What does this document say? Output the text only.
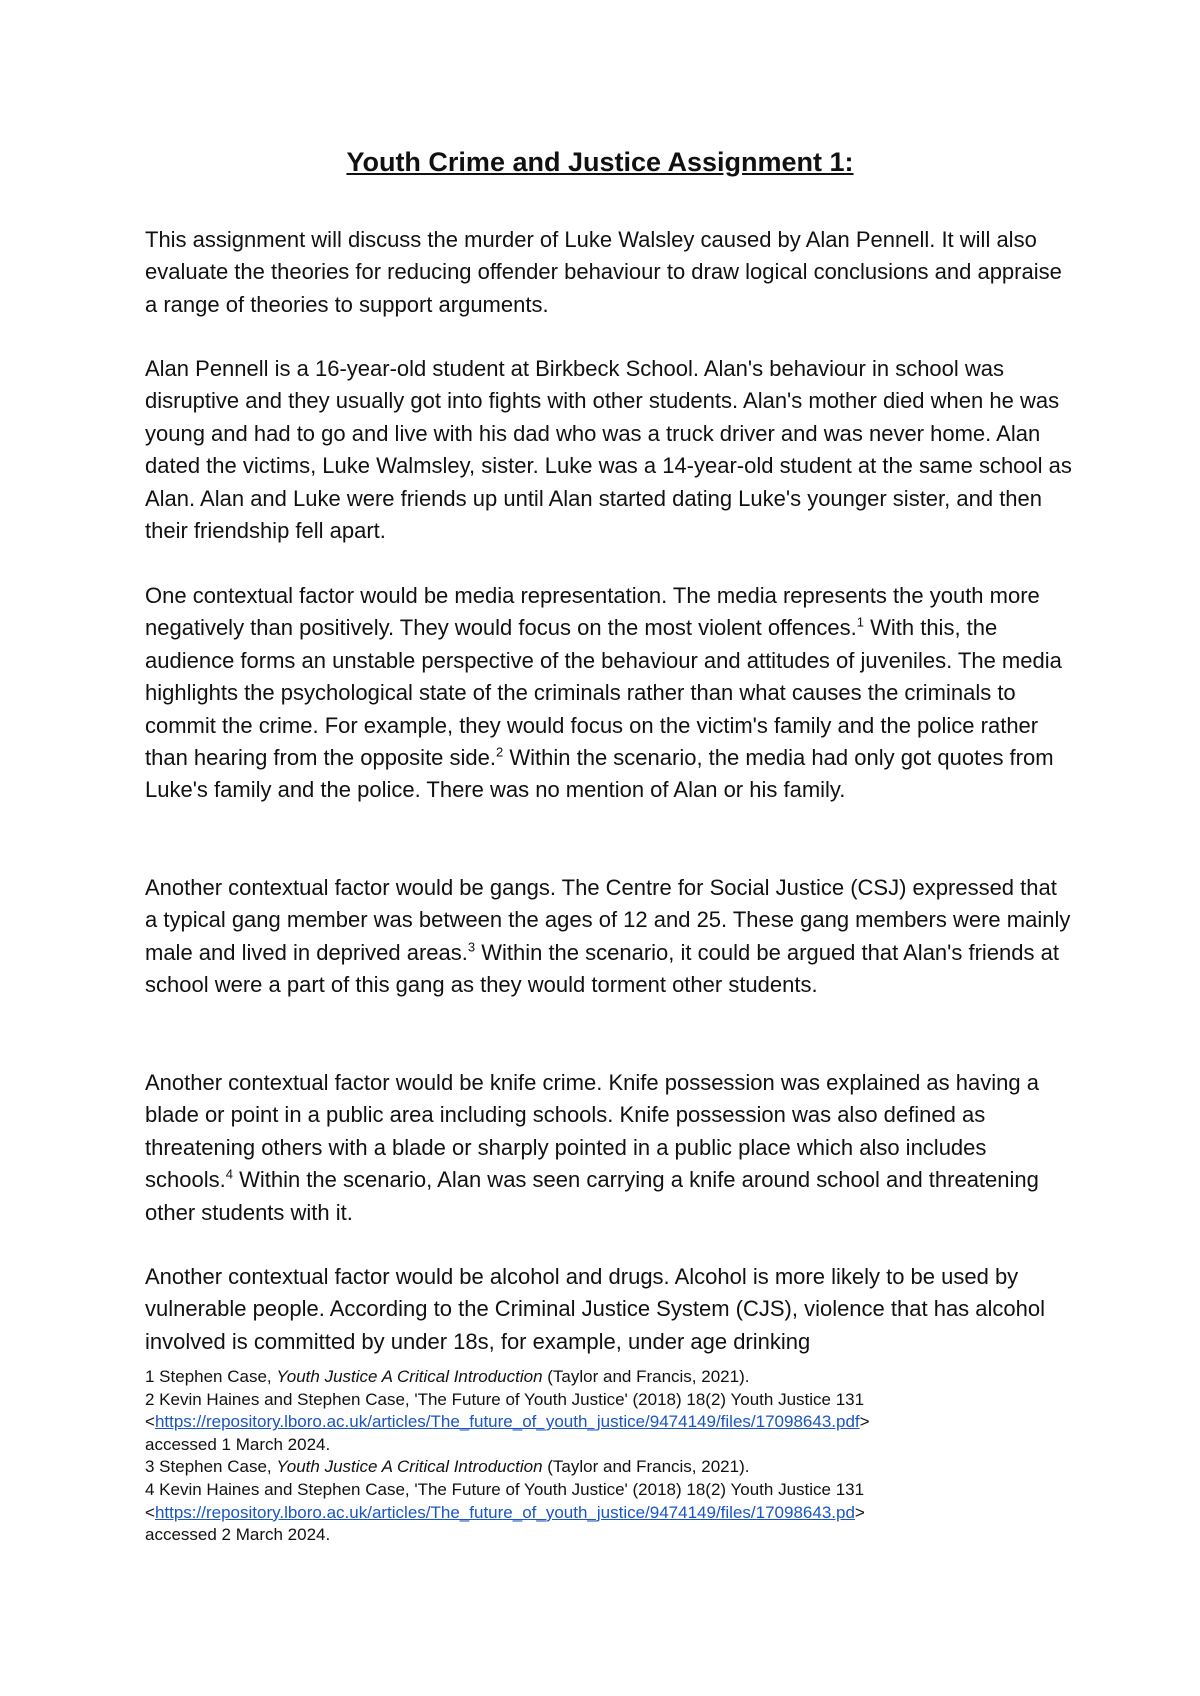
Youth Crime and Justice Assignment 1:

This assignment will discuss the murder of Luke Walsley caused by Alan Pennell. It will also evaluate the theories for reducing offender behaviour to draw logical conclusions and appraise a range of theories to support arguments.

Alan Pennell is a 16-year-old student at Birkbeck School. Alan's behaviour in school was disruptive and they usually got into fights with other students. Alan's mother died when he was young and had to go and live with his dad who was a truck driver and was never home. Alan dated the victims, Luke Walmsley, sister. Luke was a 14-year-old student at the same school as Alan. Alan and Luke were friends up until Alan started dating Luke's younger sister, and then their friendship fell apart.

One contextual factor would be media representation. The media represents the youth more negatively than positively. They would focus on the most violent offences.$^1$ With this, the audience forms an unstable perspective of the behaviour and attitudes of juveniles. The media highlights the psychological state of the criminals rather than what causes the criminals to commit the crime. For example, they would focus on the victim's family and the police rather than hearing from the opposite side.$^2$ Within the scenario, the media had only got quotes from Luke's family and the police. There was no mention of Alan or his family.

Another contextual factor would be gangs. The Centre for Social Justice (CSJ) expressed that a typical gang member was between the ages of 12 and 25. These gang members were mainly male and lived in deprived areas.$^3$ Within the scenario, it could be argued that Alan's friends at school were a part of this gang as they would torment other students.

Another contextual factor would be knife crime. Knife possession was explained as having a blade or point in a public area including schools. Knife possession was also defined as threatening others with a blade or sharply pointed in a public place which also includes schools.$^4$ Within the scenario, Alan was seen carrying a knife around school and threatening other students with it.

Another contextual factor would be alcohol and drugs. Alcohol is more likely to be used by vulnerable people. According to the Criminal Justice System (CJS), violence that has alcohol involved is committed by under 18s, for example, under age drinking

1 Stephen Case, Youth Justice A Critical Introduction (Taylor and Francis, 2021).

2 Kevin Haines and Stephen Case, 'The Future of Youth Justice' (2018) 18(2) Youth Justice 131
<https://repository.lboro.ac.uk/articles/The_future_of_youth_justice/9474149/files/17098643.pdf>
accessed 1 March 2024.

3 Stephen Case, Youth Justice A Critical Introduction (Taylor and Francis, 2021).

4 Kevin Haines and Stephen Case, 'The Future of Youth Justice' (2018) 18(2) Youth Justice 131
<https://repository.lboro.ac.uk/articles/The_future_of_youth_justice/9474149/files/17098643.pd>
accessed 2 March 2024.
